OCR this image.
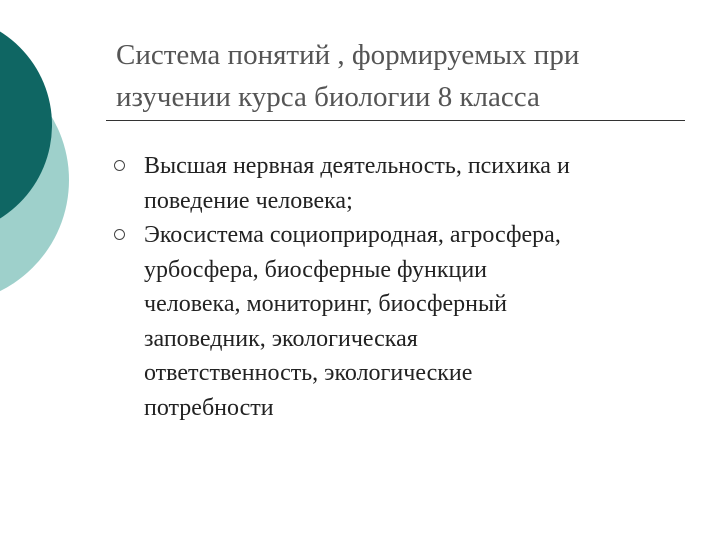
Система понятий , формируемых при
изучении курса биологии 8 класса
Высшая нервная деятельность, психика и
поведение человека;
Экосистема социоприродная, агросфера,
урбосфера, биосферные функции
человека, мониторинг, биосферный
заповедник, экологическая
ответственность, экологические
потребности
